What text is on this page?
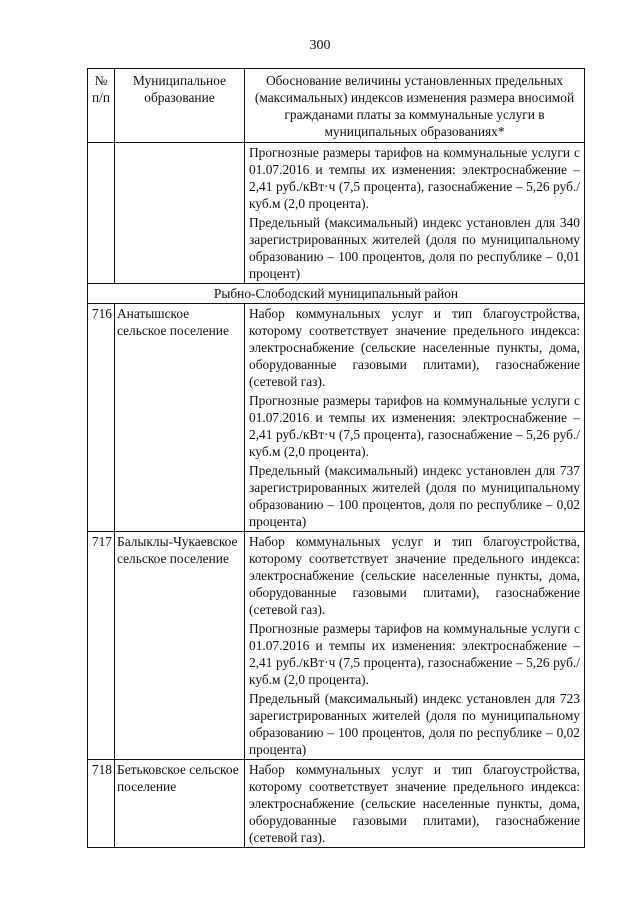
300
№ п/п	Муниципальное образование	Обоснование величины установленных предельных (максимальных) индексов изменения размера вносимой гражданами платы за коммунальные услуги в муниципальных образованиях*

		Прогнозные размеры тарифов на коммунальные услуги с 01.07.2016 и темпы их изменения: электроснабжение – 2,41 руб./кВт·ч (7,5 процента), газоснабжение – 5,26 руб./куб.м (2,0 процента).

Предельный (максимальный) индекс установлен для 340 зарегистрированных жителей (доля по муниципальному образованию – 100 процентов, доля по республике – 0,01 процент)

Рыбно-Слободский муниципальный район		
716	Анатышское сельское поселение	Набор коммунальных услуг и тип благоустройства, которому соответствует значение предельного индекса: электроснабжение (сельские населенные пункты, дома, оборудованные газовыми плитами), газоснабжение (сетевой газ).

Прогнозные размеры тарифов на коммунальные услуги с 01.07.2016 и темпы их изменения: электроснабжение – 2,41 руб./кВт·ч (7,5 процента), газоснабжение – 5,26 руб./куб.м (2,0 процента).

Предельный (максимальный) индекс установлен для 737 зарегистрированных жителей (доля по муниципальному образованию – 100 процентов, доля по республике – 0,02 процента)

717	Балыклы-Чукаевское сельское поселение	Набор коммунальных услуг и тип благоустройства, которому соответствует значение предельного индекса: электроснабжение (сельские населенные пункты, дома, оборудованные газовыми плитами), газоснабжение (сетевой газ).

Прогнозные размеры тарифов на коммунальные услуги с 01.07.2016 и темпы их изменения: электроснабжение – 2,41 руб./кВт·ч (7,5 процента), газоснабжение – 5,26 руб./куб.м (2,0 процента).

Предельный (максимальный) индекс установлен для 723 зарегистрированных жителей (доля по муниципальному образованию – 100 процентов, доля по республике – 0,02 процента)

718	Бетьковское сельское поселение	Набор коммунальных услуг и тип благоустройства, которому соответствует значение предельного индекса: электроснабжение (сельские населенные пункты, дома, оборудованные газовыми плитами), газоснабжение (сетевой газ).
